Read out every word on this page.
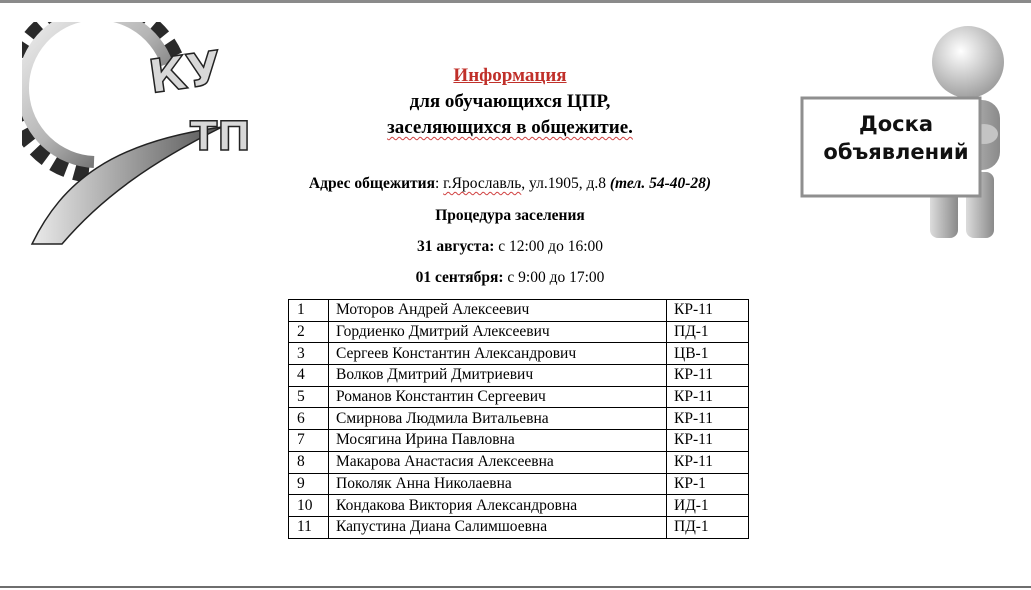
КУ
ТП	Доска
объявлений
Информация
для обучающихся ЦПР,
заселяющихся в общежитие.
Адрес общежития: г.Ярославль, ул.1905, д.8 (тел. 54-40-28)
Процедура заселения
31 августа: с 12:00 до 16:00
01 сентября: с 9:00 до 17:00
1	Моторов Андрей Алексеевич	КР-11
2	Гордиенко Дмитрий Алексеевич	ПД-1
3	Сергеев Константин Александрович	ЦВ-1
4	Волков Дмитрий Дмитриевич	КР-11
5	Романов Константин Сергеевич	КР-11
6	Смирнова Людмила Витальевна	КР-11
7	Мосягина Ирина Павловна	КР-11
8	Макарова Анастасия Алексеевна	КР-11
9	Поколяк Анна Николаевна	КР-1
10	Кондакова Виктория Александровна	ИД-1
11	Капустина Диана Салимшоевна	ПД-1
